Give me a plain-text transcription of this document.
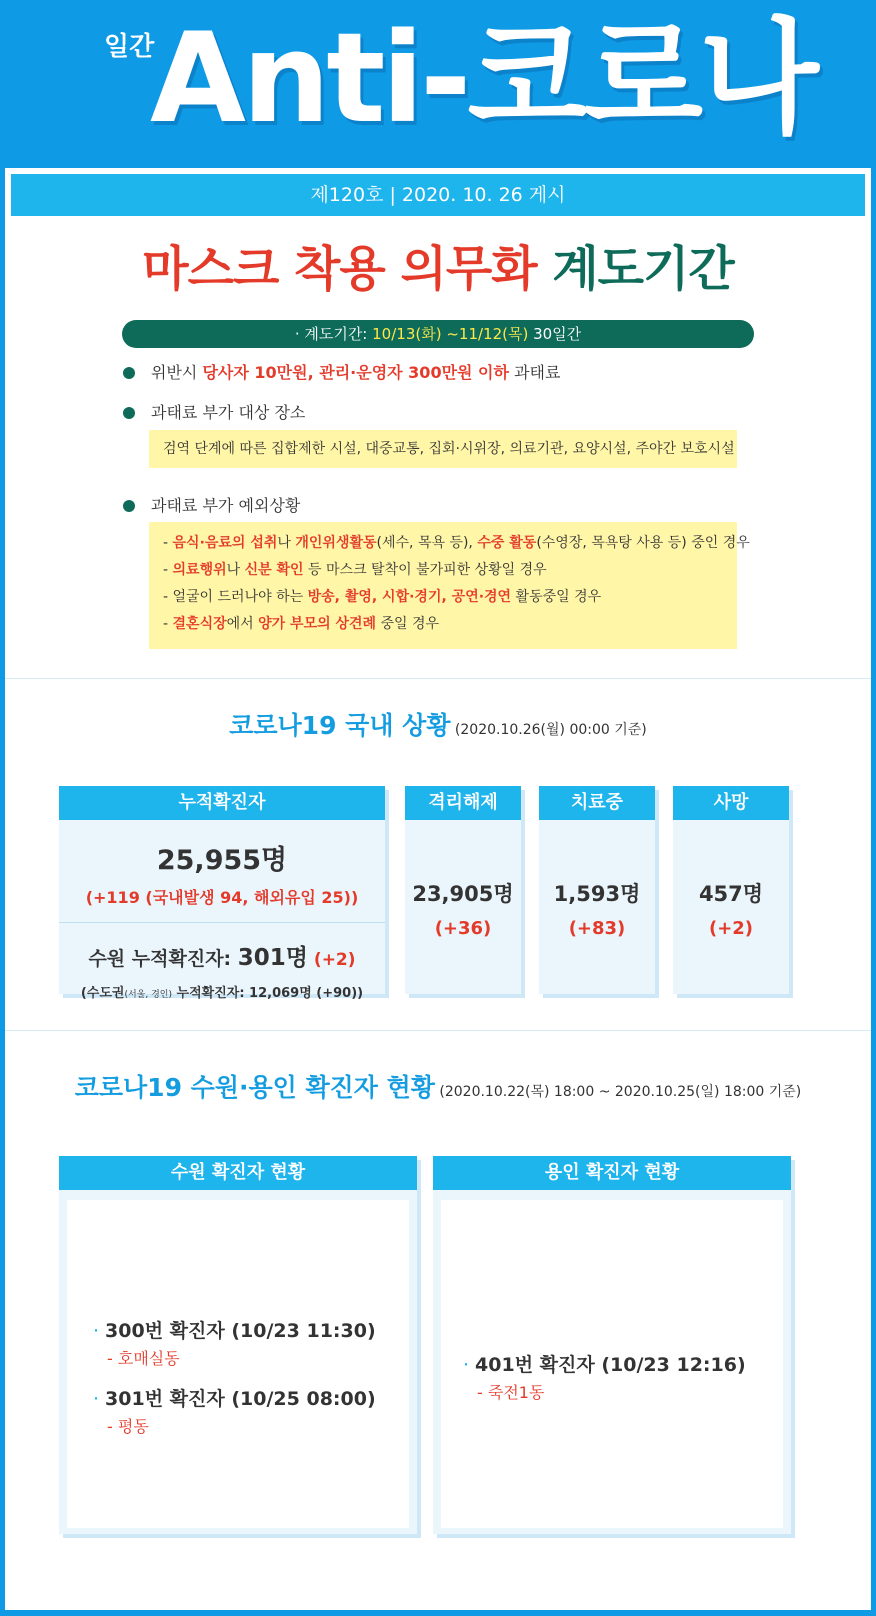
일간
Anti-코로나
제120호 | 2020. 10. 26 게시
마스크 착용 의무화 계도기간
· 계도기간: 10/13(화) ~11/12(목) 30일간
위반시 당사자 10만원, 관리·운영자 300만원 이하 과태료
과태료 부가 대상 장소
검역 단계에 따른 집합제한 시설, 대중교통, 집회·시위장, 의료기관, 요양시설, 주야간 보호시설
과태료 부가 예외상황
- 음식·음료의 섭취나 개인위생활동(세수, 목욕 등), 수중 활동(수영장, 목욕탕 사용 등) 중인 경우
- 의료행위나 신분 확인 등 마스크 탈착이 불가피한 상황일 경우
- 얼굴이 드러나야 하는 방송, 촬영, 시합·경기, 공연·경연 활동중일 경우
- 결혼식장에서 양가 부모의 상견례 중일 경우
코로나19 국내 상황 (2020.10.26(월) 00:00 기준)
누적확진자
25,955명
(+119 (국내발생 94, 해외유입 25))
수원 누적확진자: 301명 (+2)
(수도권(서울, 경인) 누적확진자: 12,069명 (+90))
격리해제
23,905명
(+36)
치료중
1,593명
(+83)
사망
457명
(+2)
코로나19 수원·용인 확진자 현황 (2020.10.22(목) 18:00 ~ 2020.10.25(일) 18:00 기준)
수원 확진자 현황
· 300번 확진자 (10/23 11:30)
- 호매실동
· 301번 확진자 (10/25 08:00)
- 평동
용인 확진자 현황
· 401번 확진자 (10/23 12:16)
- 죽전1동
